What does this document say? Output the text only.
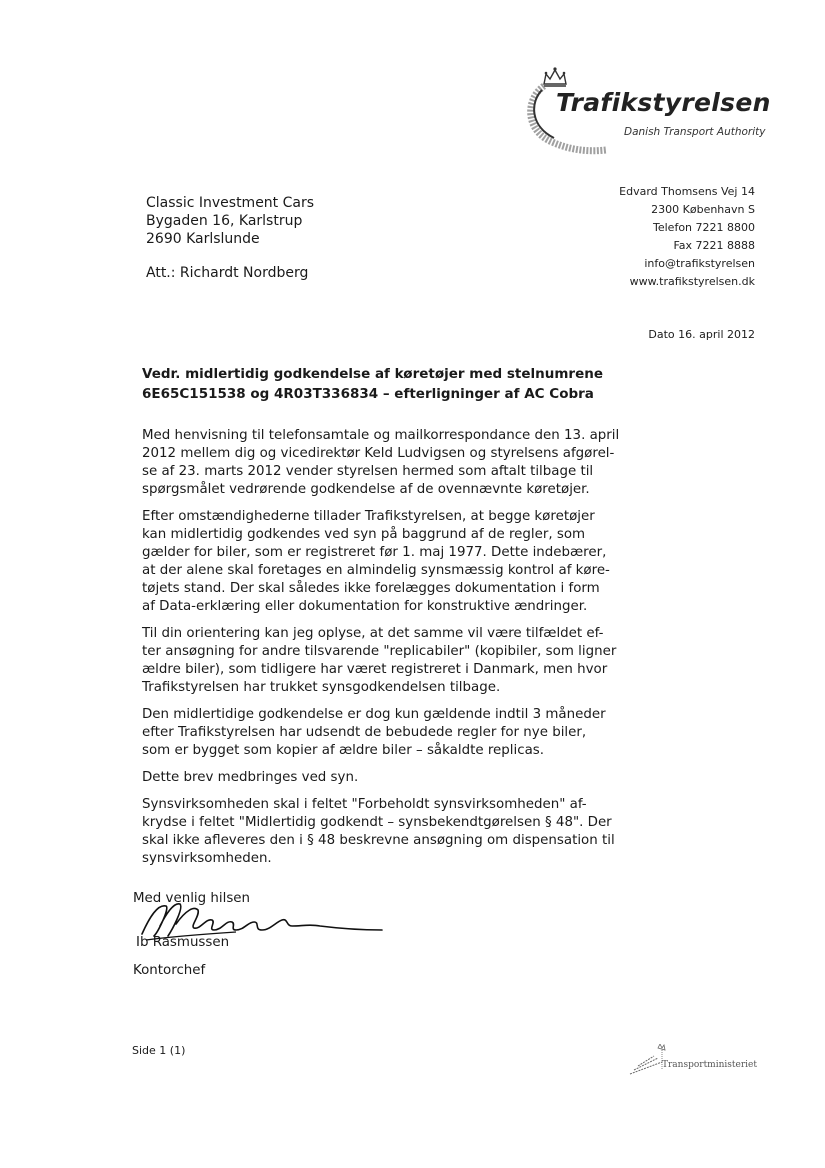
Trafikstyrelsen
Danish Transport Authority
Classic Investment Cars
Bygaden 16, Karlstrup
2690 Karlslunde
Att.: Richardt Nordberg
Edvard Thomsens Vej 14
2300 København S
Telefon 7221 8800
Fax 7221 8888
info@trafikstyrelsen
www.trafikstyrelsen.dk
Dato 16. april 2012
Vedr. midlertidig godkendelse af køretøjer med stelnumrene
6E65C151538 og 4R03T336834 – efterligninger af AC Cobra

Med henvisning til telefonsamtale og mailkorrespondance den 13. april
2012 mellem dig og vicedirektør Keld Ludvigsen og styrelsens afgørel-
se af 23. marts 2012 vender styrelsen hermed som aftalt tilbage til
spørgsmålet vedrørende godkendelse af de ovennævnte køretøjer.

Efter omstændighederne tillader Trafikstyrelsen, at begge køretøjer
kan midlertidig godkendes ved syn på baggrund af de regler, som
gælder for biler, som er registreret før 1. maj 1977. Dette indebærer,
at der alene skal foretages en almindelig synsmæssig kontrol af køre-
tøjets stand. Der skal således ikke forelægges dokumentation i form
af Data-erklæring eller dokumentation for konstruktive ændringer.

Til din orientering kan jeg oplyse, at det samme vil være tilfældet ef-
ter ansøgning for andre tilsvarende "replicabiler" (kopibiler, som ligner
ældre biler), som tidligere har været registreret i Danmark, men hvor
Trafikstyrelsen har trukket synsgodkendelsen tilbage.

Den midlertidige godkendelse er dog kun gældende indtil 3 måneder
efter Trafikstyrelsen har udsendt de bebudede regler for nye biler,
som er bygget som kopier af ældre biler – såkaldte replicas.

Dette brev medbringes ved syn.

Synsvirksomheden skal i feltet "Forbeholdt synsvirksomheden" af-
krydse i feltet "Midlertidig godkendt – synsbekendtgørelsen § 48". Der
skal ikke afleveres den i § 48 beskrevne ansøgning om dispensation til
synsvirksomheden.

Med venlig hilsen
Ib Rasmussen
Kontorchef
Side 1 (1)
Transportministeriet
